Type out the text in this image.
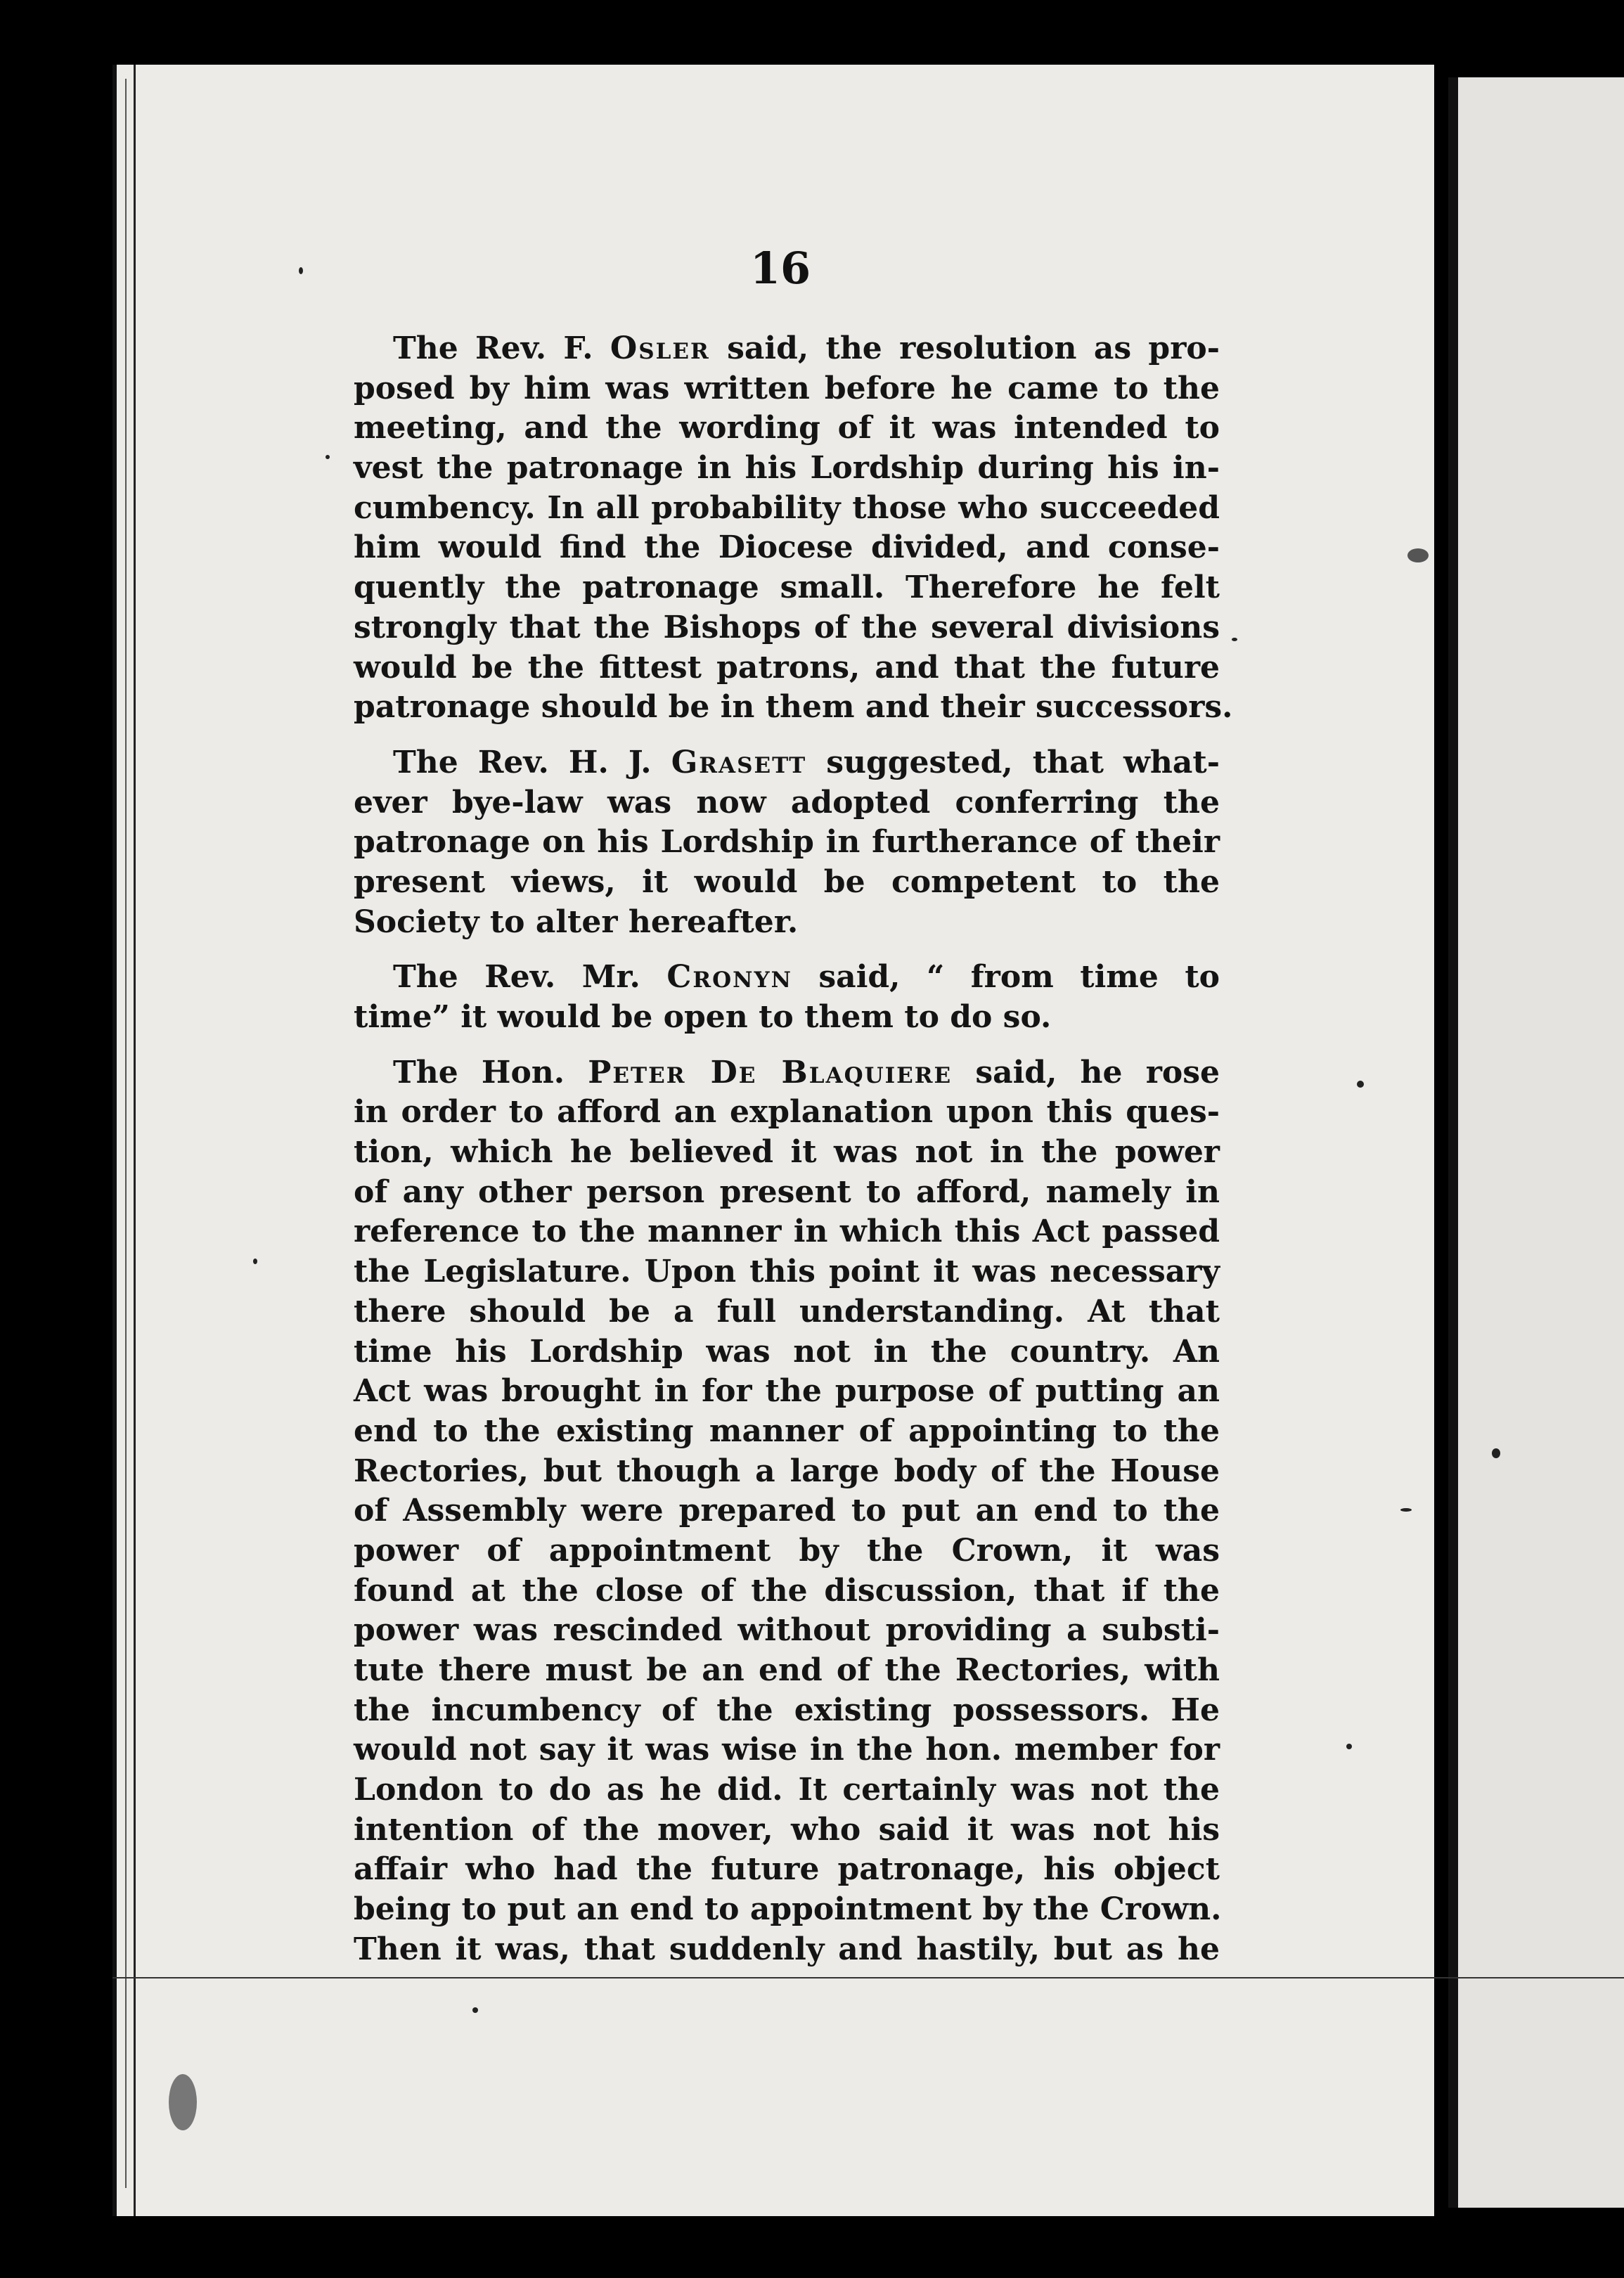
16

The Rev. F. Osler said, the resolution as pro-
posed by him was written before he came to the
meeting, and the wording of it was intended to
vest the patronage in his Lordship during his in-
cumbency. In all probability those who succeeded
him would find the Diocese divided, and conse-
quently the patronage small. Therefore he felt
strongly that the Bishops of the several divisions
would be the fittest patrons, and that the future
patronage should be in them and their successors.

The Rev. H. J. Grasett suggested, that what-
ever bye-law was now adopted conferring the
patronage on his Lordship in furtherance of their
present views, it would be competent to the
Society to alter hereafter.

The Rev. Mr. Cronyn said, “ from time to
time” it would be open to them to do so.

The Hon. Peter De Blaquiere said, he rose
in order to afford an explanation upon this ques-
tion, which he believed it was not in the power
of any other person present to afford, namely in
reference to the manner in which this Act passed
the Legislature. Upon this point it was necessary
there should be a full understanding. At that
time his Lordship was not in the country. An
Act was brought in for the purpose of putting an
end to the existing manner of appointing to the
Rectories, but though a large body of the House
of Assembly were prepared to put an end to the
power of appointment by the Crown, it was
found at the close of the discussion, that if the
power was rescinded without providing a substi-
tute there must be an end of the Rectories, with
the incumbency of the existing possessors. He
would not say it was wise in the hon. member for
London to do as he did. It certainly was not the
intention of the mover, who said it was not his
affair who had the future patronage, his object
being to put an end to appointment by the Crown.
Then it was, that suddenly and hastily, but as he
